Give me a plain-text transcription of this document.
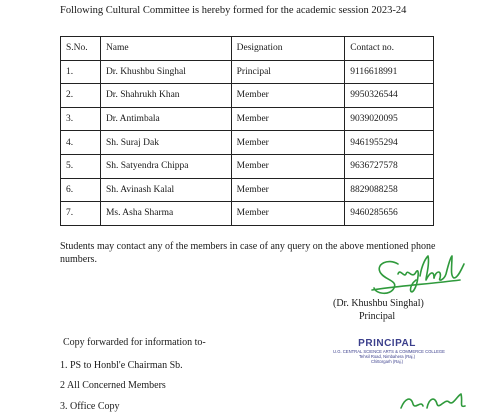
Following Cultural Committee is hereby formed for the academic session 2023-24
S.No.	Name	Designation	Contact no.
1.	Dr. Khushbu Singhal	Principal	9116618991
2.	Dr. Shahrukh Khan	Member	9950326544
3.	Dr. Antimbala	Member	9039020095
4.	Sh. Suraj Dak	Member	9461955294
5.	Sh. Satyendra Chippa	Member	9636727578
6.	Sh. Avinash Kalal	Member	8829088258
7.	Ms. Asha Sharma	Member	9460285656
Students may contact any of the members in case of any query on the above mentioned phone numbers.
(Dr. Khushbu Singhal)
Principal
Copy forwarded for information to-	PRINCIPAL
U.G. CENTRAL SCIENCE ARTS & COMMERCE COLLEGE
Tehsil Road, Nimbahera (Raj.)
Chittorgarh (Raj.)
1. PS to Honbl'e Chairman Sb.
2 All Concerned Members
3. Office Copy
